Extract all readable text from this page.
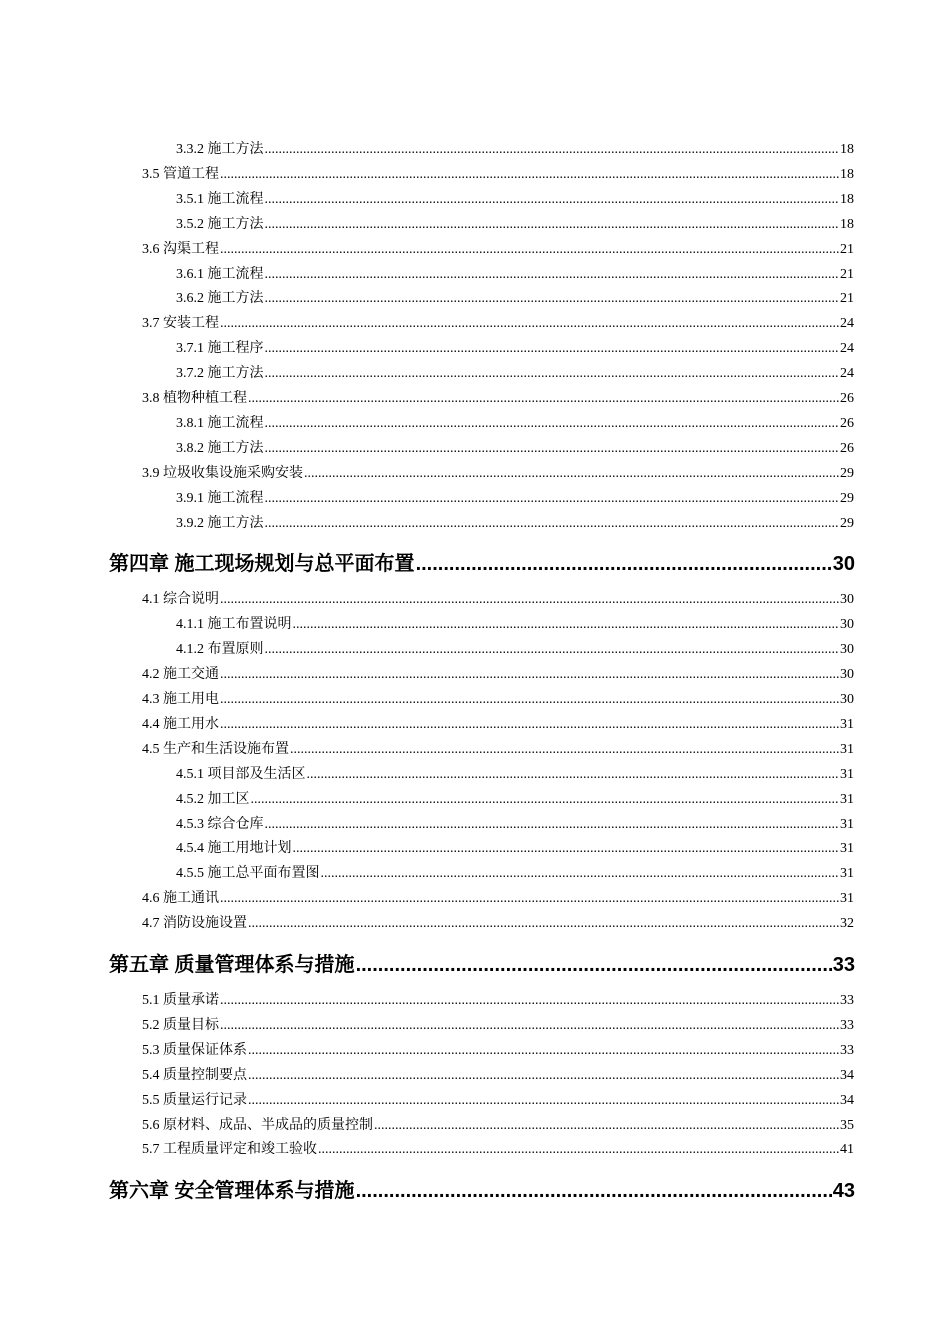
3.3.2 施工方法 .....	18
3.5 管道工程 .....	18
3.5.1 施工流程 .....	18
3.5.2 施工方法 .....	18
3.6 沟渠工程 .....	21
3.6.1 施工流程 .....	21
3.6.2 施工方法 .....	21
3.7 安装工程 .....	24
3.7.1 施工程序 .....	24
3.7.2 施工方法 .....	24
3.8 植物种植工程 .....	26
3.8.1 施工流程 .....	26
3.8.2 施工方法 .....	26
3.9 垃圾收集设施采购安装 .....	29
3.9.1 施工流程 .....	29
3.9.2 施工方法 .....	29
第四章 施工现场规划与总平面布置 .....	30
4.1 综合说明 .....	30
4.1.1 施工布置说明 .....	30
4.1.2 布置原则 .....	30
4.2 施工交通 .....	30
4.3 施工用电 .....	30
4.4 施工用水 .....	31
4.5 生产和生活设施布置 .....	31
4.5.1 项目部及生活区 .....	31
4.5.2 加工区 .....	31
4.5.3 综合仓库 .....	31
4.5.4 施工用地计划 .....	31
4.5.5 施工总平面布置图 .....	31
4.6 施工通讯 .....	31
4.7 消防设施设置 .....	32
第五章 质量管理体系与措施 .....	33
5.1 质量承诺 .....	33
5.2 质量目标 .....	33
5.3 质量保证体系 .....	33
5.4 质量控制要点 .....	34
5.5 质量运行记录 .....	34
5.6 原材料、成品、半成品的质量控制 .....	35
5.7 工程质量评定和竣工验收 .....	41
第六章 安全管理体系与措施 .....	43
